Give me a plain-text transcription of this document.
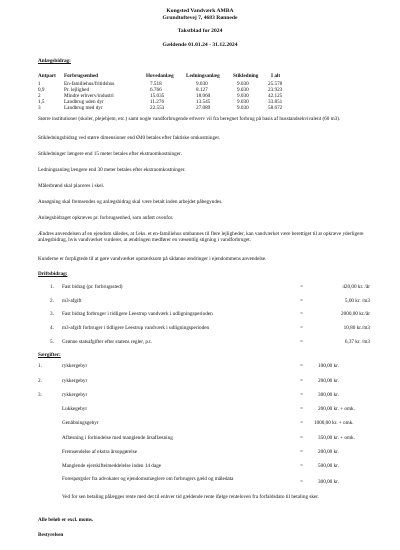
Kongsted Vandværk AMBA
Grundtoftevej 7, 4683 Rønnede
Takstblad for 2024
Gældende 01.01.24 - 31.12.2024
Anlægsbidrag:
Antpart Forbrugsenhed	Hovedanlæg Ledningsanlæg	Stikledning I alt
1	En-familiehus/fritidshus	7.518	9.030	9.030	25.578
0,9	Pr. lejlighed	6.766	8.127	9.030	23.923
2	Mindre erhverv/industri	15.035	18.060	9.030	42.125
1,5	Landbrug uden dyr	11.276	13.545	9.030	33.851
3	Landbrug med dyr	22.553	27.089	9.030	58.672
Større institutioner (skoler, plejehjem, etc.) samt nogle vandforbrugende erhverv vil fra beregnet forbrug på basis af husstandsekvivalent (60 m3).
Stikledningsbidrag ved større dimensioner end Ø40 betales efter faktiske omkostninger.
Stikledninger længere end 15 meter betales efter ekstraomkostninger.
Ledningsanlæg længere end 30 meter betales efter ekstraomkostninger.
Målerbrønd skal placeres i skel.
Ansøgning skal fremsendes og anlægsbidrag skal være betalt inden arbejdet påbegyndes.
Anlægsbidraget opkræves pr. forbrugsenhed, som anført ovenfor.
Ændres anvendelsen af en ejendom således, at f.eks. et en-familiehus ombannes til flere lejligheder, kan vandværket være berettiget til at opkræve yderligere anlægsbidrag, hvis vandværket vurderer, at ændringen medfører en væsentlig stigning i vandforbruget.
Kunderne er forpligtede til at gøre vandværket opmærksom på sådanne ændringer i ejendommens anvendelse.
Driftsbidrag:
1. Fast bidrag (pr. forbrugssted)	=	420,00 kr. /år
2. m3-afgift	=	5,00 kr. /m3
3. Fast bidrag forbruger i tidligere Leestrup vandværk i udligningsperioden	=	2000,00 kr./år
4. m3-afgift forbruger i tidligere Leestrup vandværk i udligningsperioden	=	10,80 kr./m3
5. Grønne statsafgifter efter statens regler, p.t.	=	6,37 kr. /m3
Særgifter:
1.	rykkergebyr	=	100,00 kr.
2.	rykkergebyr	=	200,00 kr.
3.	rykkergebyr	=	300,00 kr.
Lukkegebyr	=	200,00 kr. + omk.
Genåbningsgebyr	= 1000,00 kr. + omk.
Aflæsning i forbindelse med manglende årsaflæsning	=	350,00 kr. + omk.
Fremsendelse af ekstra årsopgørelse	=	200,00 kr.
Manglende ejerskifteimeddelelse inden 14 dage	=	500,00 kr.
Forespørgsler fra advokater og ejendomsmæglere om forbrugers gæld og måledata	=	300,00 kr.
Ved for sen betaling pålægges rente med det til enhver tid gældende rente ifølge renteloven fra forfaldsdato til betaling sker.
Alle beløb er excl. moms.
Bestyrelsen
